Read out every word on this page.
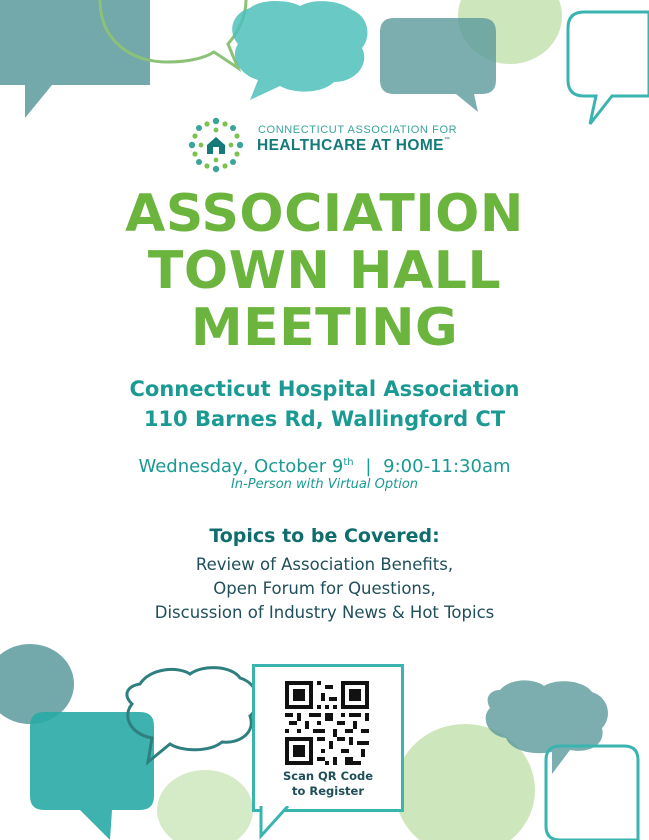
CONNECTICUT ASSOCIATION FOR
HEALTHCARE AT HOME™
ASSOCIATION
TOWN HALL
MEETING
Connecticut Hospital Association
110 Barnes Rd, Wallingford CT
Wednesday, October 9th | 9:00-11:30am
In-Person with Virtual Option
Topics to be Covered:
Review of Association Benefits,
Open Forum for Questions,
Discussion of Industry News & Hot Topics
Scan QR Code
to Register
